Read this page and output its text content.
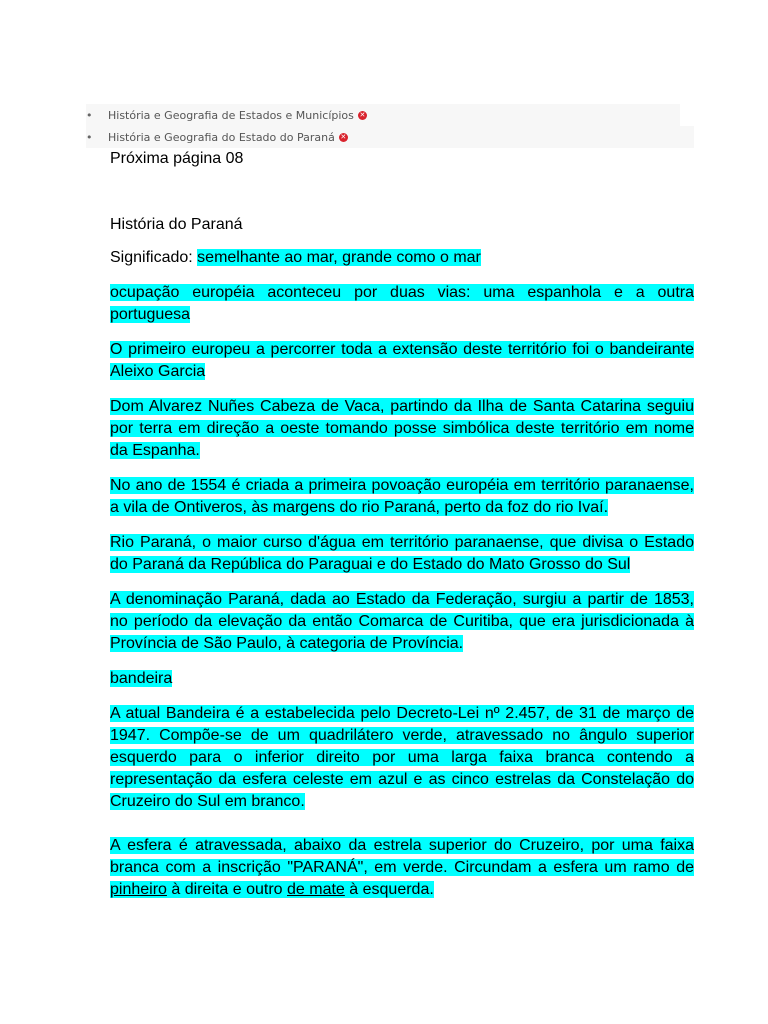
•	História e Geografia de Estados e Municípios ✕
•	História e Geografia do Estado do Paraná ✕

Próxima página 08

História do Paraná

Significado: semelhante ao mar, grande como o mar

ocupação européia aconteceu por duas vias: uma espanhola e a outra portuguesa

O primeiro europeu a percorrer toda a extensão deste território foi o bandeirante Aleixo Garcia

Dom Alvarez Nuñes Cabeza de Vaca, partindo da Ilha de Santa Catarina seguiu por terra em direção a oeste tomando posse simbólica deste território em nome da Espanha.

No ano de 1554 é criada a primeira povoação européia em território paranaense, a vila de Ontiveros, às margens do rio Paraná, perto da foz do rio Ivaí.

Rio Paraná, o maior curso d'água em território paranaense, que divisa o Estado do Paraná da República do Paraguai e do Estado do Mato Grosso do Sul

A denominação Paraná, dada ao Estado da Federação, surgiu a partir de 1853, no período da elevação da então Comarca de Curitiba, que era jurisdicionada à Província de São Paulo, à categoria de Província.

bandeira

A atual Bandeira é a estabelecida pelo Decreto-Lei nº 2.457, de 31 de março de 1947. Compõe-se de um quadrilátero verde, atravessado no ângulo superior esquerdo para o inferior direito por uma larga faixa branca contendo a representação da esfera celeste em azul e as cinco estrelas da Constelação do Cruzeiro do Sul em branco.

A esfera é atravessada, abaixo da estrela superior do Cruzeiro, por uma faixa branca com a inscrição "PARANÁ", em verde. Circundam a esfera um ramo de pinheiro à direita e outro de mate à esquerda.
